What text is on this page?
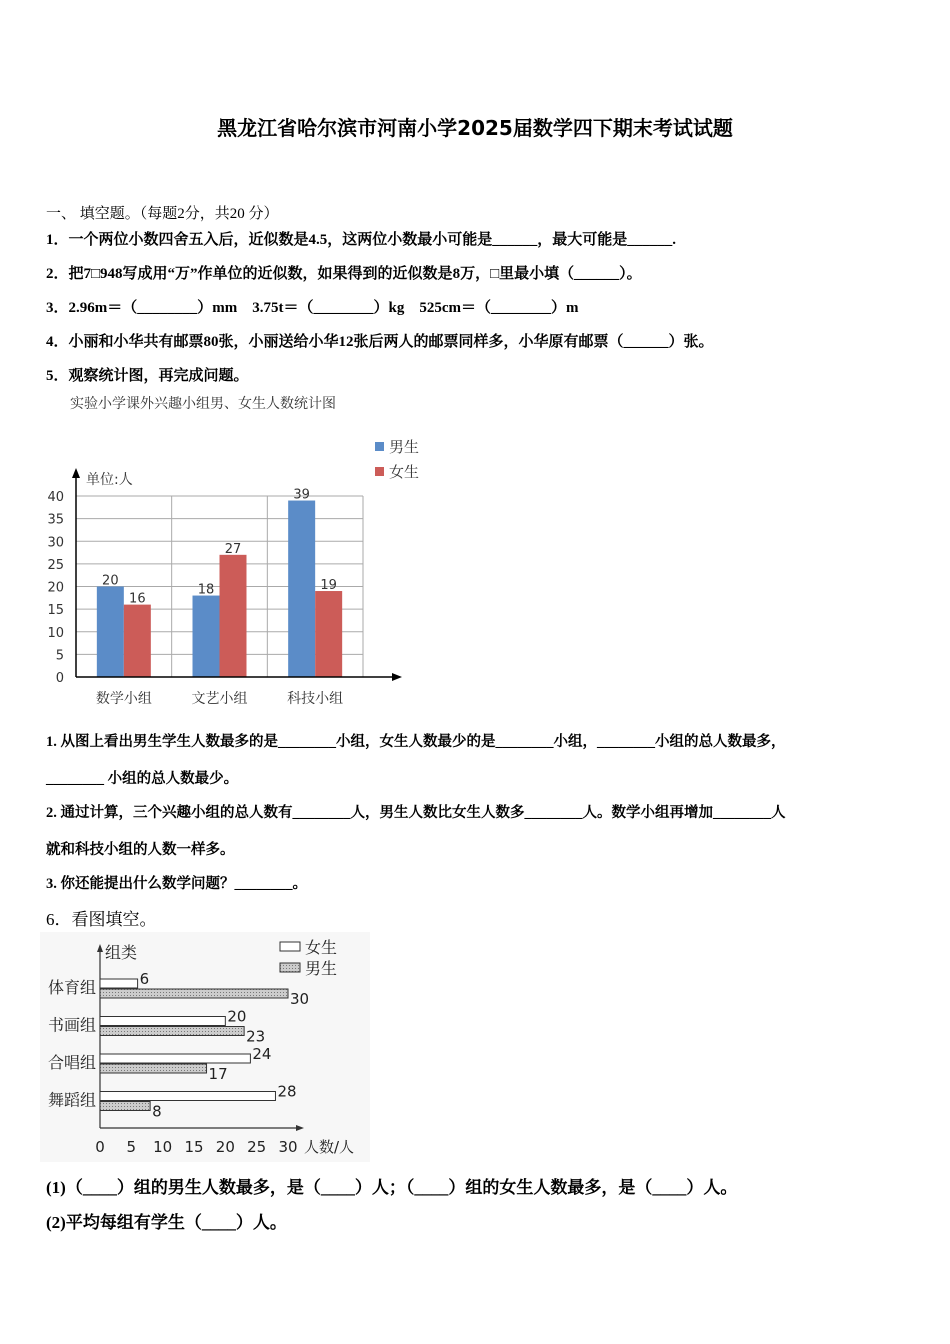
黑龙江省哈尔滨市河南小学2025届数学四下期末考试试题
一、 填空题。（每题2分，共20 分）
1．一个两位小数四舍五入后，近似数是4.5，这两位小数最小可能是______，最大可能是______.
2．把7□948写成用“万”作单位的近似数，如果得到的近似数是8万，□里最小填（______）。
3．2.96m＝（________）mm　3.75t＝（________）kg　525cm＝（________）m
4．小丽和小华共有邮票80张，小丽送给小华12张后两人的邮票同样多，小华原有邮票（______）张。
5．观察统计图，再完成问题。
实验小学课外兴趣小组男、女生人数统计图
0
5
10
15
20
25
30
35
40
20
16
数学小组
18
27
文艺小组
39
19
科技小组
单位:人
男生
女生
1. 从图上看出男生学生人数最多的是________小组，女生人数最少的是________小组，________小组的总人数最多，
________ 小组的总人数最少。
2. 通过计算，三个兴趣小组的总人数有________人，男生人数比女生人数多________人。数学小组再增加________人
就和科技小组的人数一样多。
3. 你还能提出什么数学问题？________。
6．看图填空。
组类
0 5 10 15 20 25 30 人数/人
体育组	6
30
书画组	20
23
合唱组	24
17
舞蹈组	28
8
女生
男生
(1)（____）组的男生人数最多，是（____）人；（____）组的女生人数最多，是（____）人。
(2)平均每组有学生（____）人。
